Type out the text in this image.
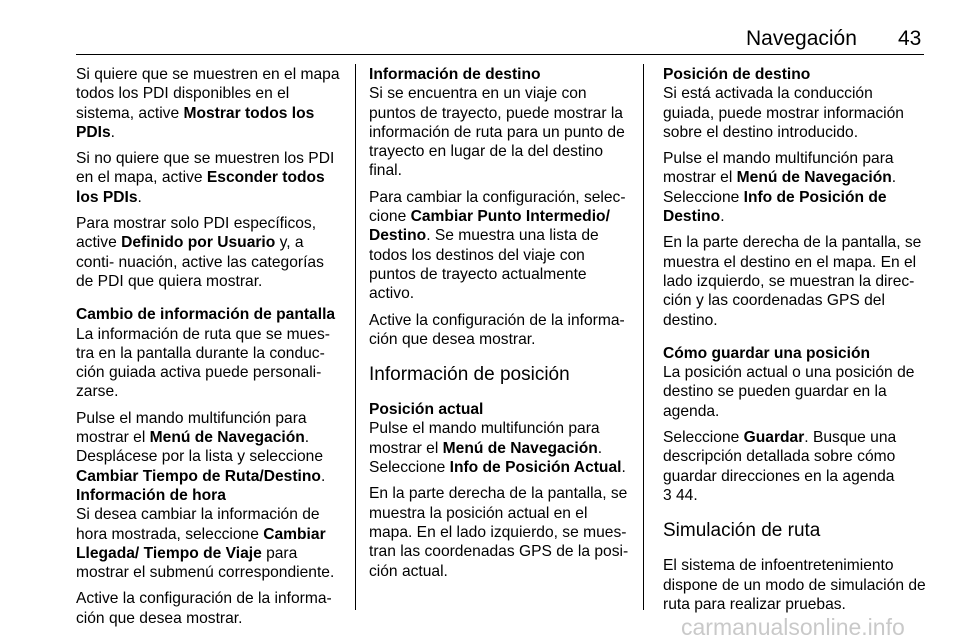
Navegación 43

Si quiere que se muestren en el mapa todos los PDI disponibles en el sistema, active Mostrar todos los PDIs.

Si no quiere que se muestren los PDI en el mapa, active Esconder todos los PDIs.

Para mostrar solo PDI específicos, active Definido por Usuario y, a conti- nuación, active las categorías de PDI que quiera mostrar.

Cambio de información de pantalla

La información de ruta que se mues- tra en la pantalla durante la conduc- ción guiada activa puede personali- zarse.

Pulse el mando multifunción para mostrar el Menú de Navegación. Desplácese por la lista y seleccione Cambiar Tiempo de Ruta/Destino.

Información de hora

Si desea cambiar la información de hora mostrada, seleccione Cambiar Llegada/ Tiempo de Viaje para mostrar el submenú correspondiente.

Active la configuración de la informa- ción que desea mostrar.

Información de destino

Si se encuentra en un viaje con puntos de trayecto, puede mostrar la información de ruta para un punto de trayecto en lugar de la del destino final.

Para cambiar la configuración, selec- cione Cambiar Punto Intermedio/ Destino. Se muestra una lista de todos los destinos del viaje con puntos de trayecto actualmente activo.

Active la configuración de la informa- ción que desea mostrar.

Información de posición

Posición actual

Pulse el mando multifunción para mostrar el Menú de Navegación. Seleccione Info de Posición Actual.

En la parte derecha de la pantalla, se muestra la posición actual en el mapa. En el lado izquierdo, se mues- tran las coordenadas GPS de la posi- ción actual.

Posición de destino

Si está activada la conducción guiada, puede mostrar información sobre el destino introducido.

Pulse el mando multifunción para mostrar el Menú de Navegación. Seleccione Info de Posición de Destino.

En la parte derecha de la pantalla, se muestra el destino en el mapa. En el lado izquierdo, se muestran la direc- ción y las coordenadas GPS del destino.

Cómo guardar una posición

La posición actual o una posición de destino se pueden guardar en la agenda.

Seleccione Guardar. Busque una descripción detallada sobre cómo guardar direcciones en la agenda
3 44.

Simulación de ruta

El sistema de infoentretenimiento dispone de un modo de simulación de ruta para realizar pruebas.

carmanualsonline.info
